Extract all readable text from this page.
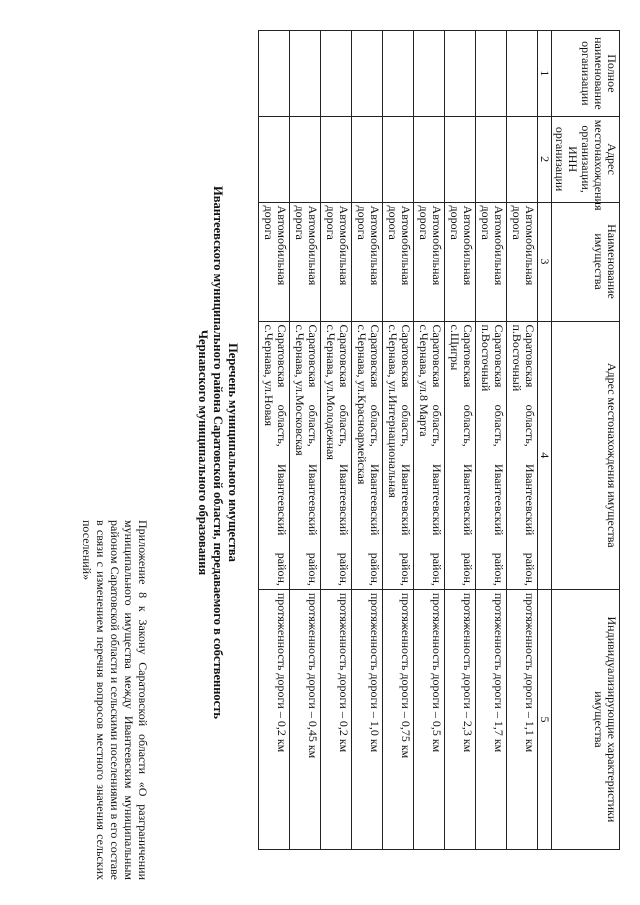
Приложение 8 к Закону Саратовской области «О разграничении муниципального имущества между Ивантеевским муниципальным районом Саратовской области и сельскими поселениями в его составе в связи с изменением перечня вопросов местного значения сельских поселений»	Перечень муниципального имущества
Ивантеевского муниципального района Саратовской области, передаваемого в собственность
Чернавского муниципального образования
Полное наименование организации	Адрес местонахождения организации, ИНН организации	Наименование имущества	Адрес местонахождения имущества	Индивидуализирующие характеристики имущества
1	2	3	4	5
		Автомобильная дорога	Саратовская область, Ивантеевский район, п.Восточный	протяженность дороги – 1,1 км
		Автомобильная дорога	Саратовская область, Ивантеевский район, п.Восточный	протяженность дороги – 1,7 км
		Автомобильная дорога	Саратовская область, Ивантеевский район, с.Щигры	протяженность дороги – 2,3 км
		Автомобильная дорога	Саратовская область, Ивантеевский район, с.Чернава, ул.8 Марта	протяженность дороги – 0,5 км
		Автомобильная дорога	Саратовская область, Ивантеевский район, с.Чернава, ул.Интернациональная	протяженность дороги – 0,75 км
		Автомобильная дорога	Саратовская область, Ивантеевский район, с.Чернава, ул.Красноармейская	протяженность дороги – 1,0 км
		Автомобильная дорога	Саратовская область, Ивантеевский район, с.Чернава, ул.Молодежная	протяженность дороги – 0,2 км
		Автомобильная дорога	Саратовская область, Ивантеевский район, с.Чернава, ул.Московская	протяженность дороги – 0,45 км
		Автомобильная дорога	Саратовская область, Ивантеевский район, с.Чернава, ул.Новая	протяженность дороги – 0,2 км
